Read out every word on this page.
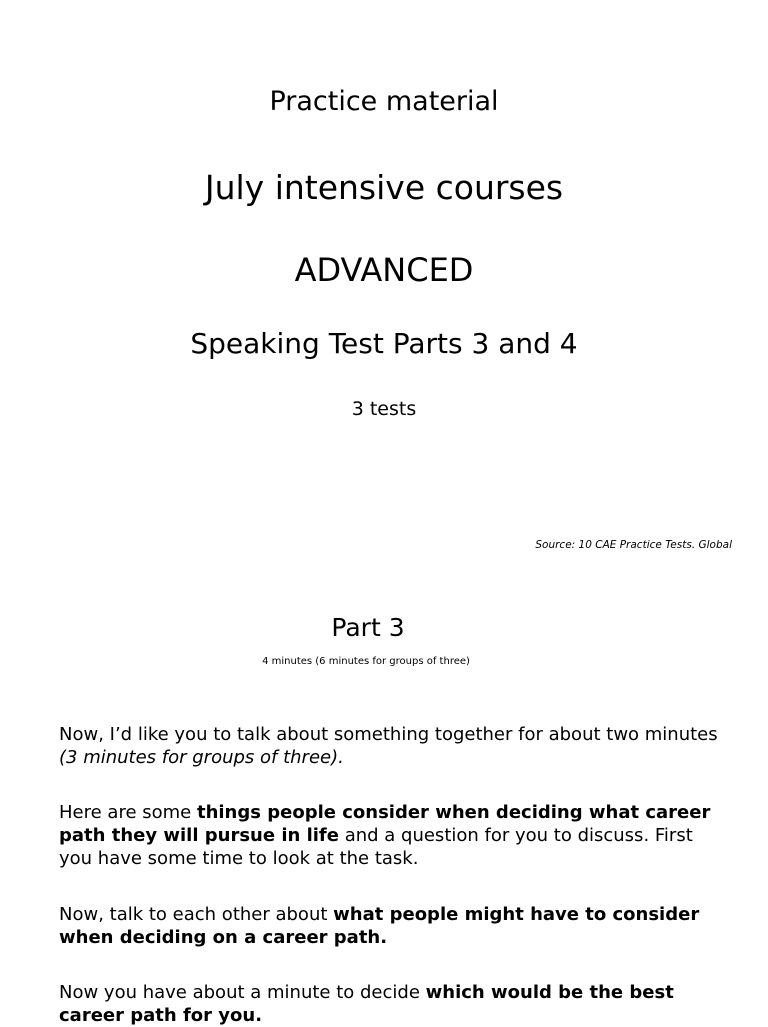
Practice material
July intensive courses
ADVANCED
Speaking Test Parts 3 and 4
3 tests
Source: 10 CAE Practice Tests. Global
Part 3
4 minutes (6 minutes for groups of three)
Now, I’d like you to talk about something together for about two minutes (3 minutes for groups of three).
Here are some things people consider when deciding what career path they will pursue in life and a question for you to discuss. First you have some time to look at the task.
Now, talk to each other about what people might have to consider when deciding on a career path.
Now you have about a minute to decide which would be the best career path for you.
